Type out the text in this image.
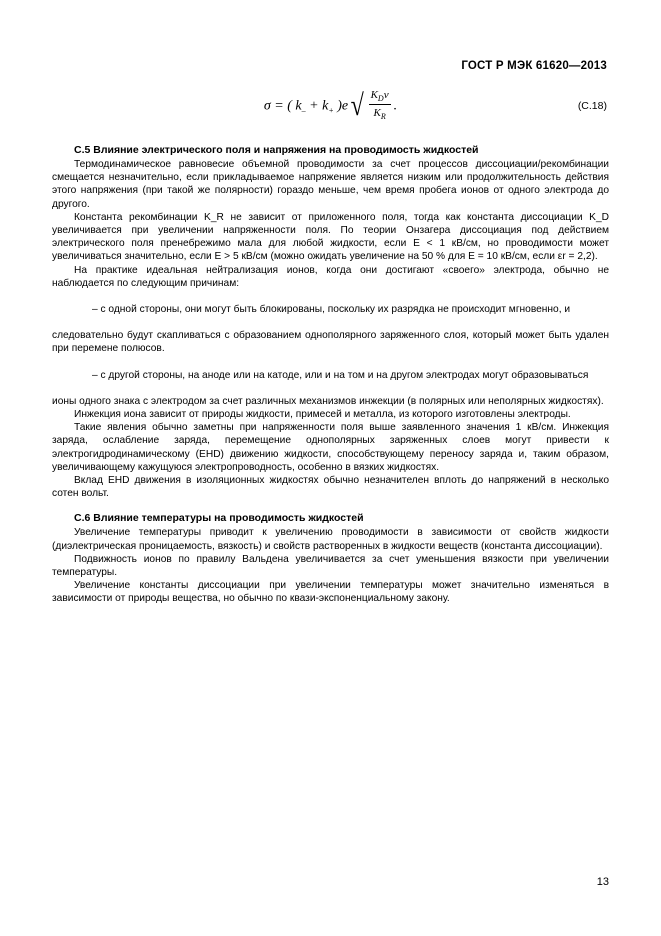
ГОСТ Р МЭК 61620—2013
σ = ( $k_- + k_+$ )$e√ \frac{K_D\nu}{K_R}$ .	(С.18)
С.5 Влияние электрического поля и напряжения на проводимость жидкостей

Термодинамическое равновесие объемной проводимости за счет процессов диссоциации/рекомбинации смещается незначительно, если прикладываемое напряжение является низким или продолжительность действия этого напряжения (при такой же полярности) гораздо меньше, чем время пробега ионов от одного электрода до другого.

Константа рекомбинации K_R не зависит от приложенного поля, тогда как константа диссоциации K_D увеличивается при увеличении напряженности поля. По теории Онзагера диссоциация под действием электрического поля пренебрежимо мала для любой жидкости, если E < 1 кВ/см, но проводимости может увеличиваться значительно, если E > 5 кВ/см (можно ожидать увеличение на 50 % для E = 10 кВ/см, если εr = 2,2).

На практике идеальная нейтрализация ионов, когда они достигают «своего» электрода, обычно не наблюдается по следующим причинам:

– с одной стороны, они могут быть блокированы, поскольку их разрядка не происходит мгновенно, и

следовательно будут скапливаться с образованием однополярного заряженного слоя, который может быть удален при перемене полюсов.

– с другой стороны, на аноде или на катоде, или и на том и на другом электродах могут образовываться

ионы одного знака с электродом за счет различных механизмов инжекции (в полярных или неполярных жидкостях).

Инжекция иона зависит от природы жидкости, примесей и металла, из которого изготовлены электроды.

Такие явления обычно заметны при напряженности поля выше заявленного значения 1 кВ/см. Инжекция заряда, ослабление заряда, перемещение однополярных заряженных слоев могут привести к электрогидродинамическому (EHD) движению жидкости, способствующему переносу заряда и, таким образом, увеличивающему кажущуюся электропроводность, особенно в вязких жидкостях.

Вклад EHD движения в изоляционных жидкостях обычно незначителен вплоть до напряжений в несколько сотен вольт.

С.6 Влияние температуры на проводимость жидкостей

Увеличение температуры приводит к увеличению проводимости в зависимости от свойств жидкости (диэлектрическая проницаемость, вязкость) и свойств растворенных в жидкости веществ (константа диссоциации).

Подвижность ионов по правилу Вальдена увеличивается за счет уменьшения вязкости при увеличении температуры.

Увеличение константы диссоциации при увеличении температуры может значительно изменяться в зависимости от природы вещества, но обычно по квази-экспоненциальному закону.

13
